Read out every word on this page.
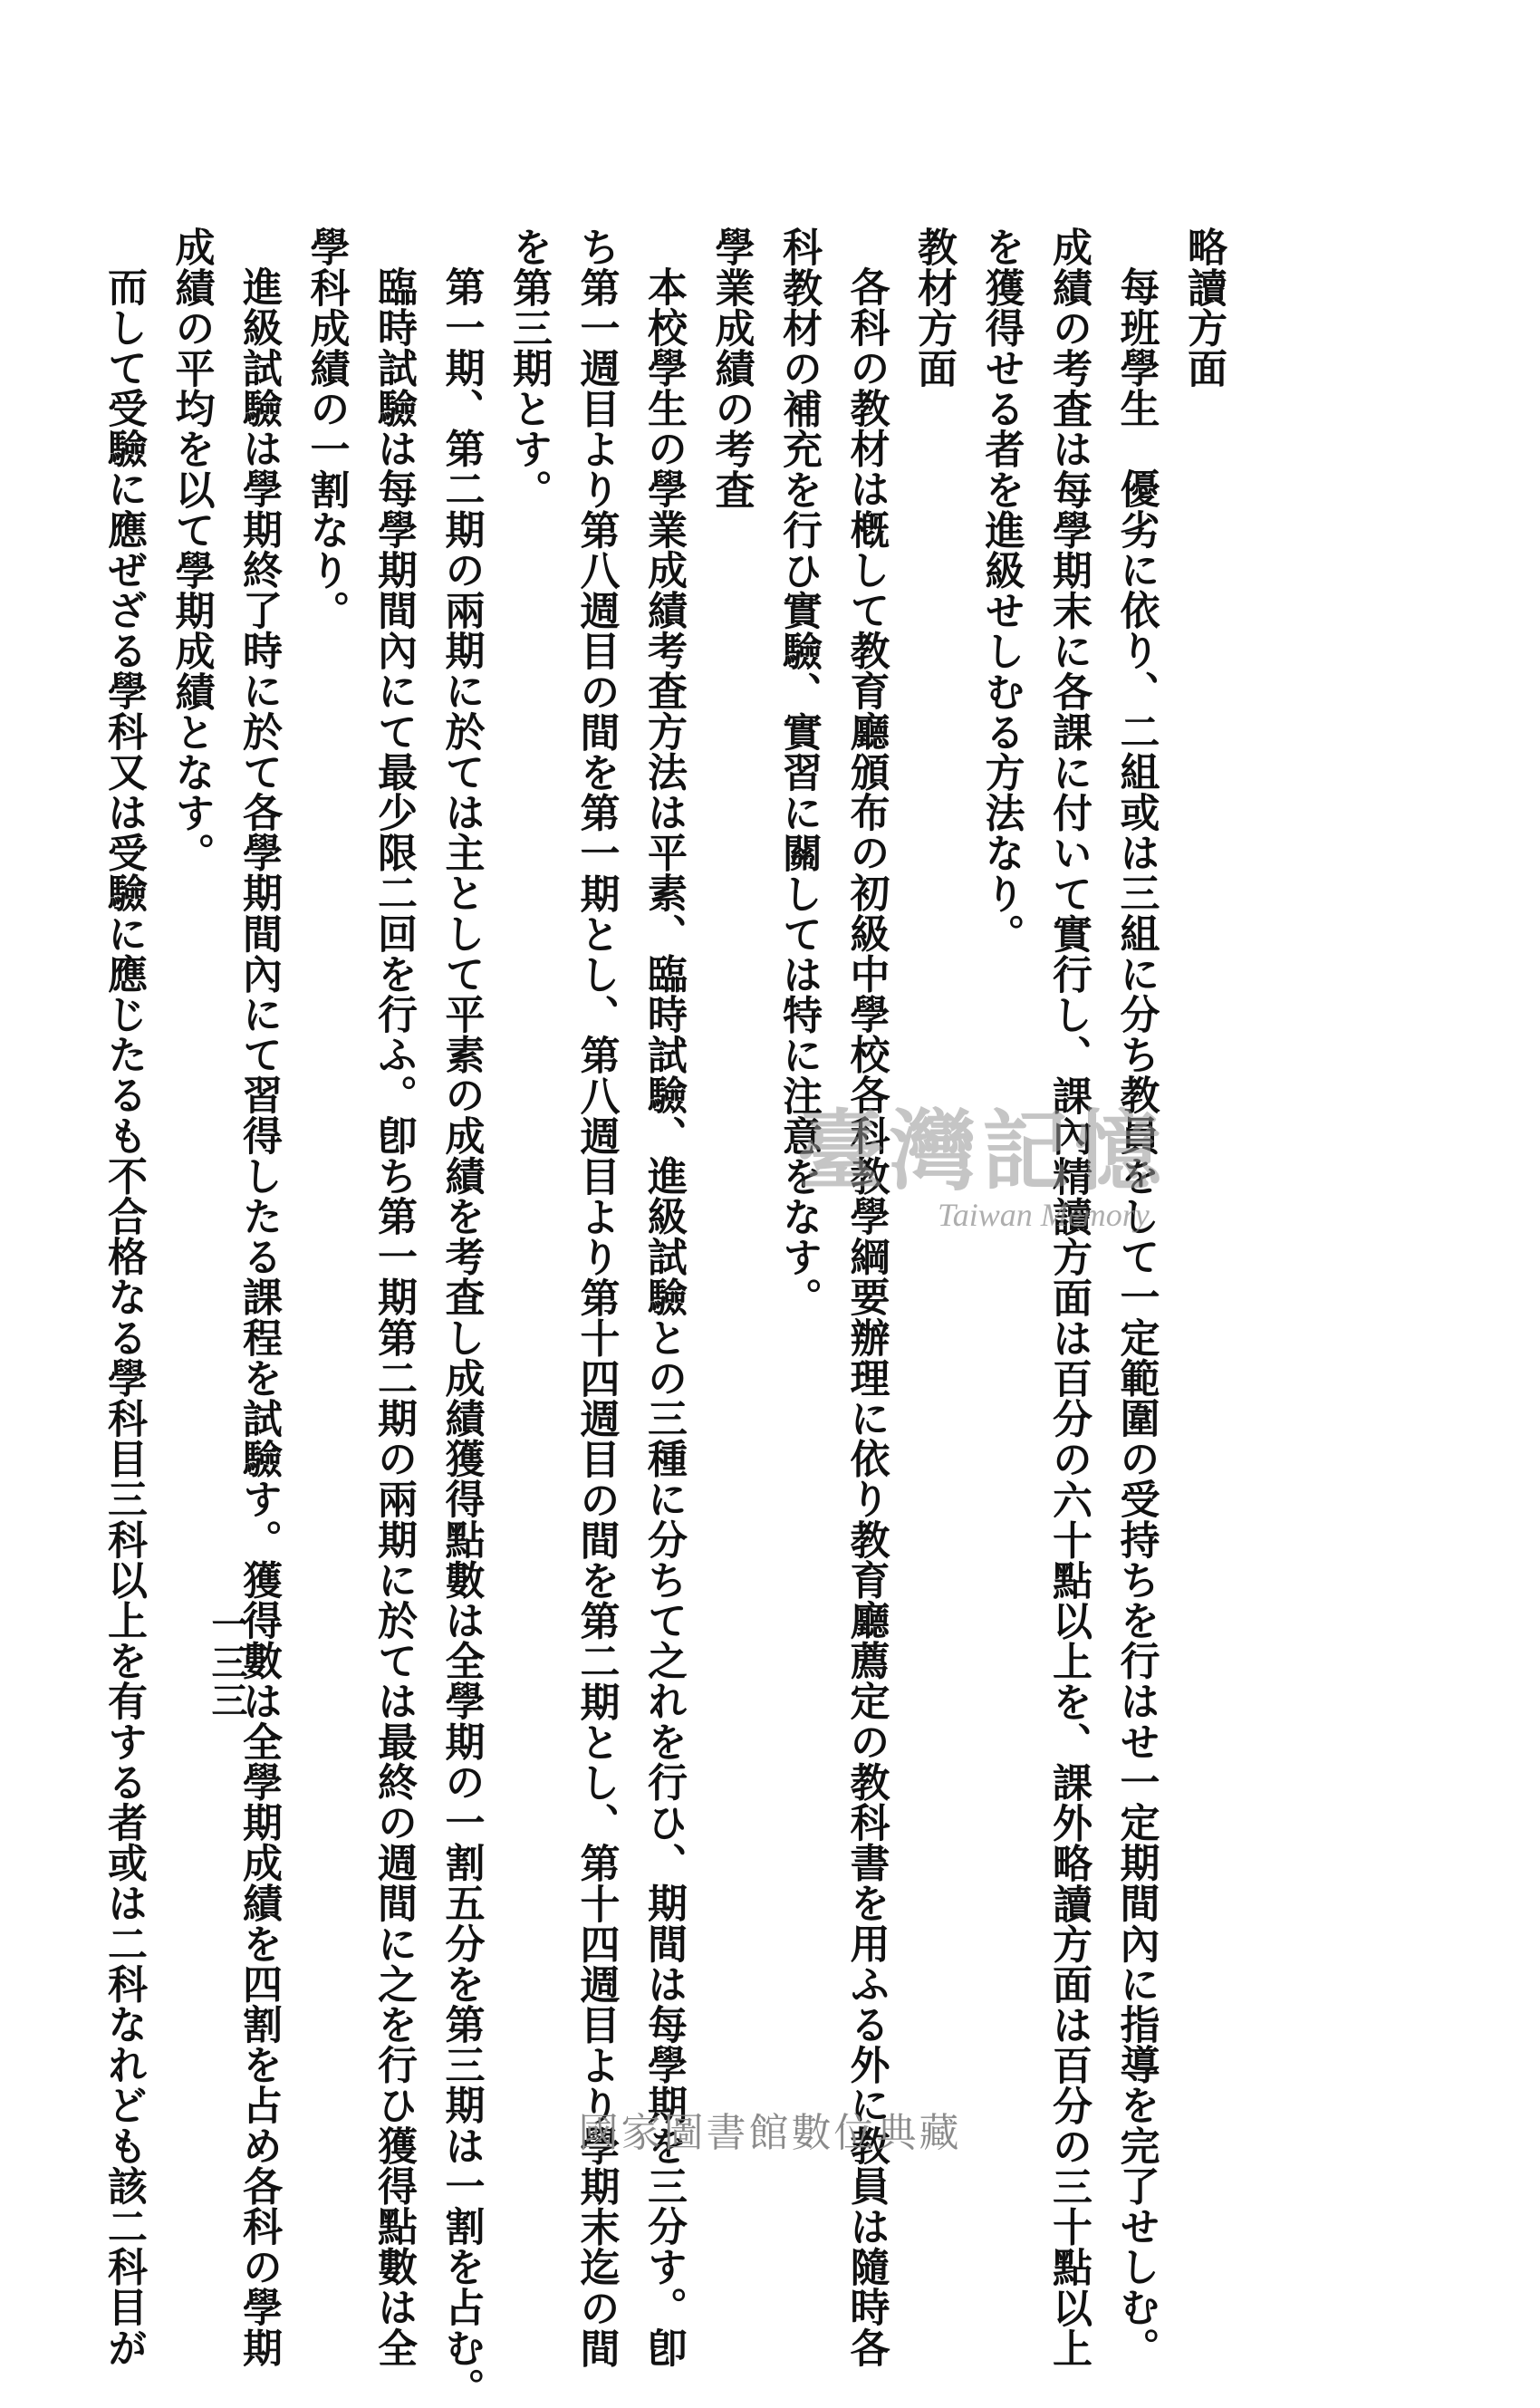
略讀方面
每班學生　優劣に依り、二組或は三組に分ち教員をして一定範圍の受持ちを行はせ一定期間內に指導を完了せしむ。
成績の考査は每學期末に各課に付いて實行し、課內精讀方面は百分の六十點以上を、課外略讀方面は百分の三十點以上
を獲得せる者を進級せしむる方法なり。
教材方面
各科の教材は槪して教育廳頒布の初級中學校各科教學綱要辦理に依り教育廳薦定の教科書を用ふる外に教員は隨時各
科教材の補充を行ひ實驗、實習に關しては特に注意をなす。
學業成績の考査
本校學生の學業成績考査方法は平素、臨時試驗、進級試驗との三種に分ちて之れを行ひ、期間は每學期を三分す。卽
ち第一週目より第八週目の間を第一期とし、第八週目より第十四週目の間を第二期とし、第十四週目より學期末迄の間
を第三期とす。
第一期、第二期の兩期に於ては主として平素の成績を考査し成績獲得點數は全學期の一割五分を第三期は一割を占む。
臨時試驗は每學期間內にて最少限二回を行ふ。卽ち第一期第二期の兩期に於ては最終の週間に之を行ひ獲得點數は全
學科成績の一割なり。
進級試驗は學期終了時に於て各學期間內にて習得したる課程を試驗す。獲得數は全學期成績を四割を占め各科の學期
成績の平均を以て學期成績となす。
而して受驗に應ぜざる學科又は受驗に應じたるも不合格なる學科目三科以上を有する者或は二科なれども該二科目が 一三三
臺灣記憶
Taiwan Memory
國家圖書館數位典藏
